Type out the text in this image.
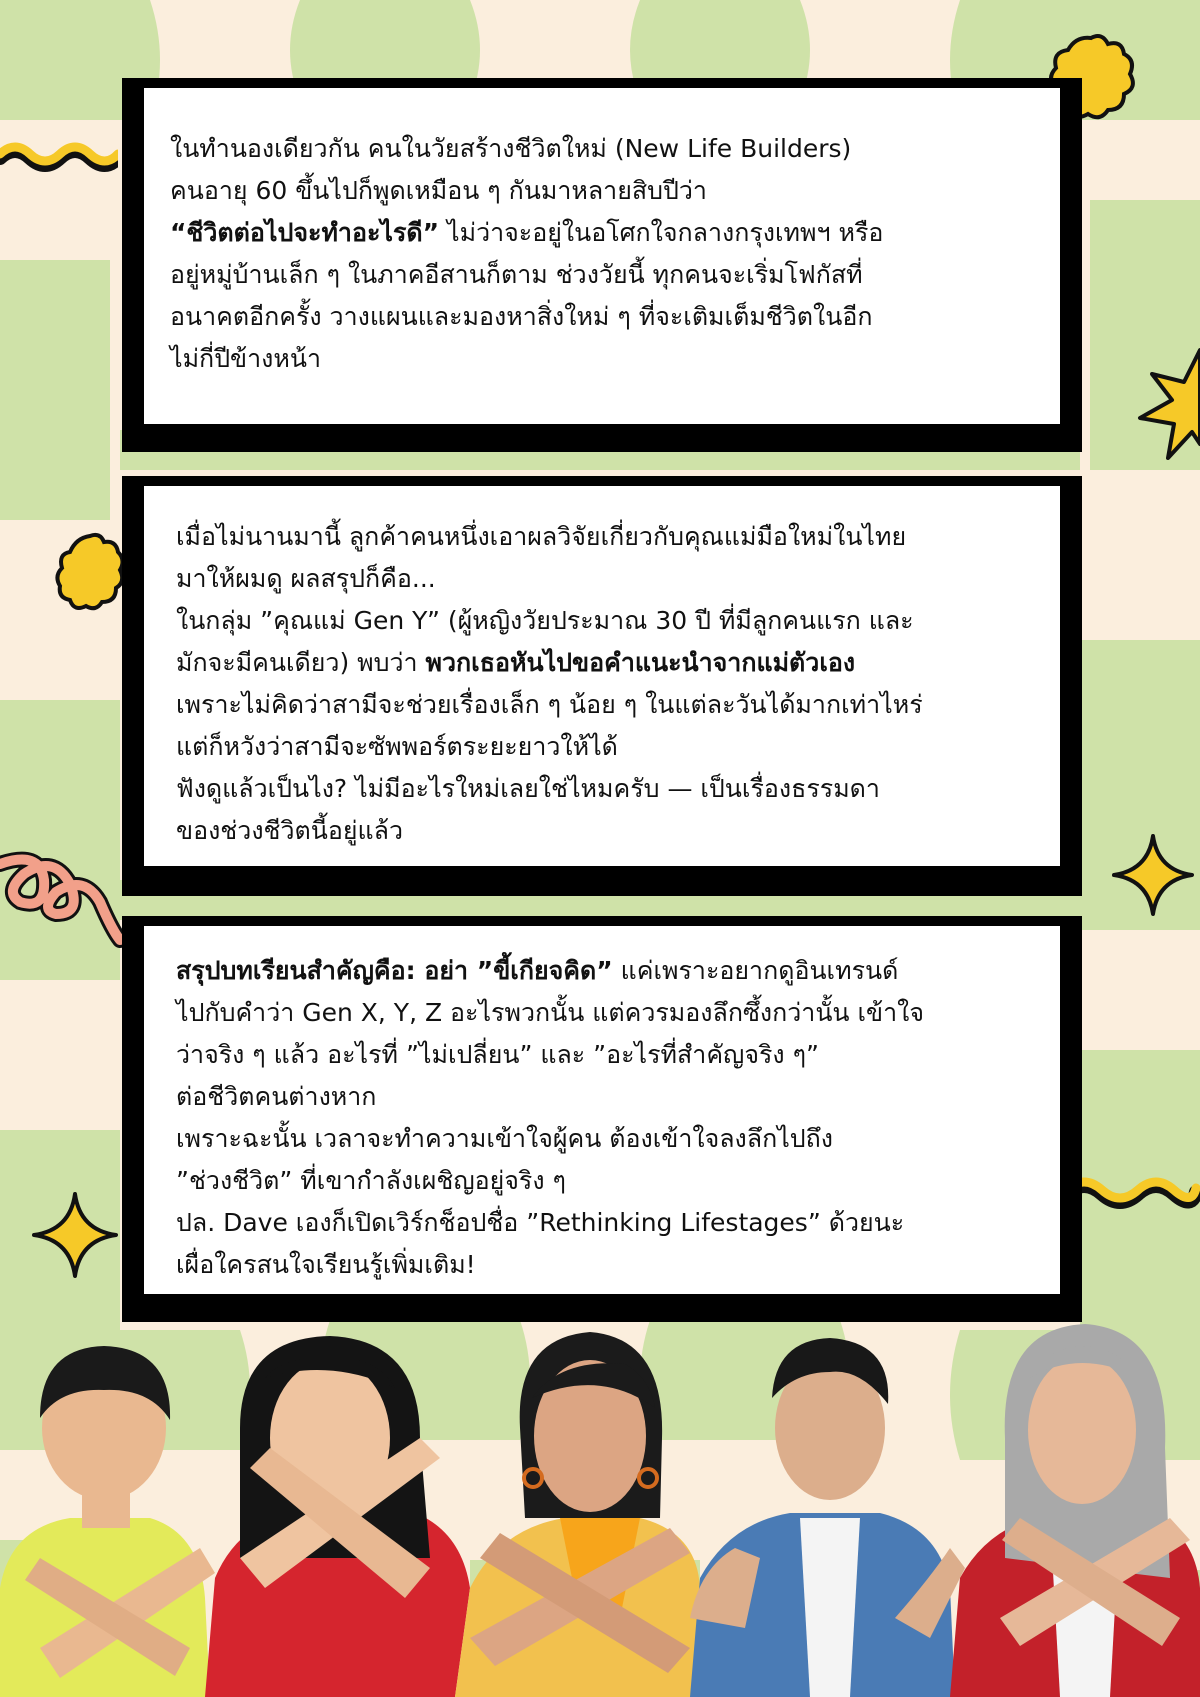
ในทำนองเดียวกัน คนในวัยสร้างชีวิตใหม่ (New Life Builders)

คนอายุ 60 ขึ้นไปก็พูดเหมือน ๆ กันมาหลายสิบปีว่า

“ชีวิตต่อไปจะทำอะไรดี” ไม่ว่าจะอยู่ในอโศกใจกลางกรุงเทพฯ หรือ

อยู่หมู่บ้านเล็ก ๆ ในภาคอีสานก็ตาม ช่วงวัยนี้ ทุกคนจะเริ่มโฟกัสที่

อนาคตอีกครั้ง วางแผนและมองหาสิ่งใหม่ ๆ ที่จะเติมเต็มชีวิตในอีก

ไม่กี่ปีข้างหน้า

เมื่อไม่นานมานี้ ลูกค้าคนหนึ่งเอาผลวิจัยเกี่ยวกับคุณแม่มือใหม่ในไทย

มาให้ผมดู ผลสรุปก็คือ...

ในกลุ่ม ”คุณแม่ Gen Y” (ผู้หญิงวัยประมาณ 30 ปี ที่มีลูกคนแรก และ

มักจะมีคนเดียว) พบว่า พวกเธอหันไปขอคำแนะนำจากแม่ตัวเอง

เพราะไม่คิดว่าสามีจะช่วยเรื่องเล็ก ๆ น้อย ๆ ในแต่ละวันได้มากเท่าไหร่

แต่ก็หวังว่าสามีจะซัพพอร์ตระยะยาวให้ได้

ฟังดูแล้วเป็นไง? ไม่มีอะไรใหม่เลยใช่ไหมครับ — เป็นเรื่องธรรมดา

ของช่วงชีวิตนี้อยู่แล้ว

สรุปบทเรียนสำคัญคือ: อย่า ”ขี้เกียจคิด” แค่เพราะอยากดูอินเทรนด์

ไปกับคำว่า Gen X, Y, Z อะไรพวกนั้น แต่ควรมองลึกซึ้งกว่านั้น เข้าใจ

ว่าจริง ๆ แล้ว อะไรที่ ”ไม่เปลี่ยน” และ ”อะไรที่สำคัญจริง ๆ”

ต่อชีวิตคนต่างหาก

เพราะฉะนั้น เวลาจะทำความเข้าใจผู้คน ต้องเข้าใจลงลึกไปถึง

”ช่วงชีวิต” ที่เขากำลังเผชิญอยู่จริง ๆ

ปล. Dave เองก็เปิดเวิร์กช็อปชื่อ ”Rethinking Lifestages” ด้วยนะ

เผื่อใครสนใจเรียนรู้เพิ่มเติม!
